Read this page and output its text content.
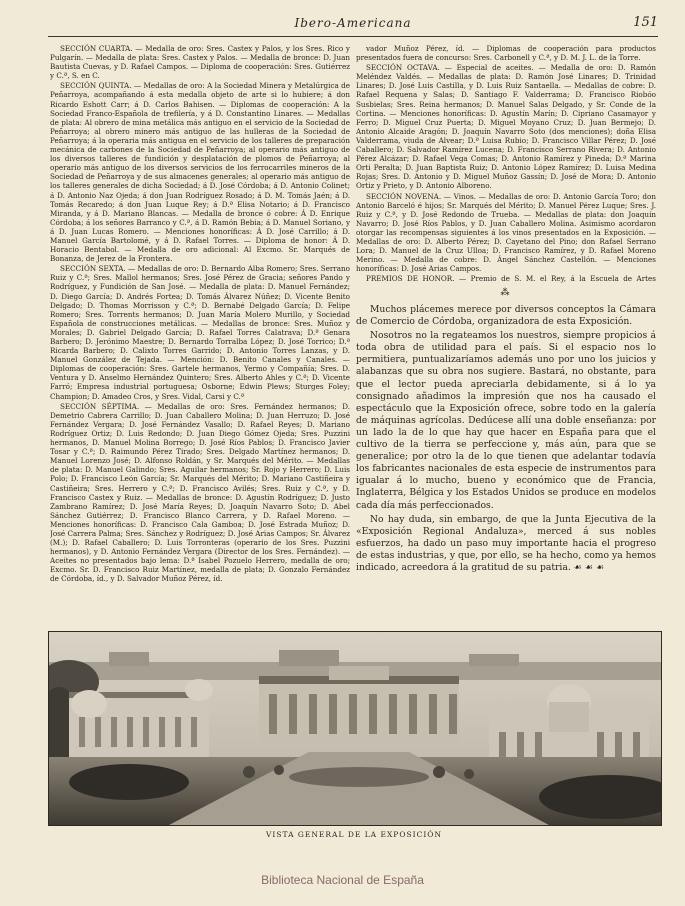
Ibero-Americana	151

SECCIÓN CUARTA. — Medalla de oro: Sres. Castex y Palos, y los Sres. Rico y Pulgarín. — Medalla de plata: Sres. Castex y Palos. — Medalla de bronce: D. Juan Bautista Cuevas, y D. Rafael Campos. — Diploma de cooperación: Sres. Gutiérrez y C.ª, S. en C.

SECCIÓN QUINTA. — Medallas de oro: A la Sociedad Minera y Metalúrgica de Peñarroya, acompañando á esta medalla objeto de arte si lo hubiere; á don Ricardo Eshott Carr; á D. Carlos Bahisen. — Diplomas de cooperación: A la Sociedad Franco-Española de trefilería, y á D. Constantino Linares. — Medallas de plata: Al obrero de mina metálica más antiguo en el servicio de la Sociedad de Peñarroya; al obrero minero más antiguo de las hulleras de la Sociedad de Peñarroya; á la operaria más antigua en el servicio de los talleres de preparación mecánica de carbones de la Sociedad de Peñarroya; al operario más antiguo de los diversos talleres de fundición y desplatación de plomos de Peñarroya; al operario más antiguo de los diversos servicios de los ferrocarriles mineros de la Sociedad de Peñarroya y de sus almacenes generales; al operario más antiguo de los talleres generales de dicha Sociedad; á D. José Córdoba; á D. Antonio Colinet; á D. Antonio Naz Ojeda; á don Juan Rodríguez Rosado; á D. M. Tomás Jaén; á D. Tomás Recaredo; á don Juan Luque Rey; á D.ª Elisa Notario; á D. Francisco Miranda, y á D. Mariano Blancas. — Medalla de bronce ó cobre: Á D. Enrique Córdoba; á los señores Barranco y C.ª, á D. Ramón Bebia; á D. Manuel Soriano, y á D. Juan Lucas Romero. — Menciones honoríficas: Á D. José Carrillo; á D. Manuel García Bartolomé, y á D. Rafael Torres. — Diploma de honor: Á D. Horacio Bentabol. — Medalla de oro adicional: Al Excmo. Sr. Marqués de Bonanza, de Jerez de la Frontera.

SECCIÓN SEXTA. — Medallas de oro: D. Bernardo Alba Romero; Sres. Serrano Ruiz y C.ª; Sres. Mallol hermanos; Sres. José Pérez de Gracia; señores Pando y Rodríguez, y Fundición de San José. — Medalla de plata: D. Manuel Fernández; D. Diego García; D. Andrés Fortea; D. Tomás Álvarez Núñez; D. Vicente Benito Delgado; D. Thomas Morrisson y C.ª; D. Bernabé Delgado García; D. Felipe Romero; Sres. Torrents hermanos; D. Juan María Molero Murillo, y Sociedad Española de construcciones metálicas. — Medallas de bronce: Sres. Muñoz y Morales; D. Gabriel Delgado García; D. Rafael Torres Calatrava; D.ª Genara Barbero; D. Jerónimo Maestre; D. Bernardo Torralba López; D. José Torrico; D.ª Ricarda Barbero; D. Calixto Torres Garrido; D. Antonio Torres Lanzas, y D. Manuel González de Tejada. — Mención: D. Benito Canales y Canales. — Diplomas de cooperación: Sres. Gartele hermanos, Yermo y Compañía; Sres. D. Ventura y D. Anselmo Hernández Quintero; Sres. Alberto Ahles y C.ª; D. Vicente Farró; Empresa industrial portuguesa; Osborne; Edwin Plews; Sturges Foley; Champion; D. Amadeo Cros, y Sres. Vidal, Carsi y C.ª

SECCIÓN SÉPTIMA. — Medallas de oro: Sres. Fernández hermanos; D. Demetrio Cabrera Carrillo; D. Juan Caballero Molina; D. Juan Herruzo; D. José Fernández Vergara; D. José Fernández Vasallo; D. Rafael Reyes; D. Mariano Rodríguez Ortiz; D. Luis Redondo; D. Juan Diego Gómez Ojeda; Sres. Puzzini hermanos, D. Manuel Molina Borrego; D. José Ríos Pablos; D. Francisco Javier Tosar y C.ª; D. Raimundo Pérez Tirado; Sres. Delgado Martínez hermanos; D. Manuel Lorenzo José; D. Alfonso Roldán, y Sr. Marqués del Mérito. — Medallas de plata: D. Manuel Galindo; Sres. Aguilar hermanos; Sr. Rojo y Herrero; D. Luis Polo; D. Francisco León García; Sr. Marqués del Mérito; D. Mariano Castiñeira y Castiñeira; Sres. Herrero y C.ª; D. Francisco Avilés; Sres. Ruiz y C.ª, y D. Francisco Castex y Ruiz. — Medallas de bronce: D. Agustín Rodríguez; D. Justo Zambrano Ramírez; D. José María Reyes; D. Joaquín Navarro Soto; D. Abel Sánchez Gutiérrez; D. Francisco Blanco Carrera, y D. Rafael Moreno. — Menciones honoríficas: D. Francisco Cala Gamboa; D. José Estrada Muñoz; D. José Carrera Palma; Sres. Sánchez y Rodríguez; D. José Arias Campos; Sr. Álvarez (M.); D. Rafael Caballero; D. Luis Torronteras (operario de los Sres. Puzzini hermanos), y D. Antonio Fernández Vergara (Director de los Sres. Fernández). — Aceites no presentados bajo lema: D.ª Isabel Pozuelo Herrero, medalla de oro; Excmo. Sr. D. Francisco Ruiz Martínez, medalla de plata; D. Gonzalo Fernández de Córdoba, íd., y D. Salvador Muñoz Pérez, íd.

vador Muñoz Pérez, íd. — Diplomas de cooperación para productos presentados fuera de concurso: Sres. Carbonell y C.ª, y D. M. J. L. de la Torre.

SECCIÓN OCTAVA. — Especial de aceites. — Medalla de oro: D. Ramón Meléndez Valdés. — Medallas de plata: D. Ramón José Linares; D. Trinidad Linares; D. José Luis Castilla, y D. Luis Ruiz Santaella. — Medallas de cobre: D. Rafael Requena y Salas; D. Santiago F. Valderrama; D. Francisco Riobóo Susbielas; Sres. Reina hermanos; D. Manuel Salas Delgado, y Sr. Conde de la Cortina. — Menciones honoríficas: D. Agustín Marín; D. Cipriano Casamayor y Ferro; D. Miguel Cruz Puerta; D. Miguel Moyano Cruz; D. Juan Bermejo; D. Antonio Alcaide Aragón; D. Joaquín Navarro Soto (dos menciones); doña Elisa Valderrama, viuda de Alvear; D.ª Luisa Rubio; D. Francisco Villar Pérez; D. José Caballero; D. Salvador Ramírez Lucena; D. Francisco Serrano Rivera; D. Antonio Pérez Alcázar; D. Rafael Vega Comas; D. Antonio Ramírez y Pineda; D.ª Marina Orti Peralta; D. Juan Baptista Ruiz; D. Antonio López Ramírez; D. Luisa Medina Rojas; Sres. D. Antonio y D. Miguel Muñoz Gassín; D. José de Mora; D. Antonio Ortiz y Prieto, y D. Antonio Alboreno.

SECCIÓN NOVENA. — Vinos. — Medallas de oro: D. Antonio García Toro; don Antonio Barceló é hijos; Sr. Marqués del Mérito; D. Manuel Pérez Luque; Sres. J. Ruiz y C.ª, y D. José Redondo de Trueba. — Medallas de plata: don Joaquín Navarro; D. José Ríos Pablos, y D. Juan Caballero Molina. Asimismo acordaron otorgar las recompensas siguientes á los vinos presentados en la Exposición. — Medallas de oro: D. Alberto Pérez; D. Cayetano del Pino; don Rafael Serrano Lora; D. Manuel de la Cruz Ulloa; D. Francisco Ramírez, y D. Rafael Moreno Merino. — Medalla de cobre: D. Ángel Sánchez Castellón. — Menciones honoríficas: D. José Arias Campos.

PREMIOS DE HONOR. — Premio de S. M. el Rey, á la Escuela de Artes

⁂

Muchos plácemes merece por diversos conceptos la Cámara de Comercio de Córdoba, organizadora de esta Exposición.

Nosotros no la regateamos los nuestros, siempre propicios á toda obra de utilidad para el país. Si el espacio nos lo permitiera, puntualizaríamos además uno por uno los juicios y alabanzas que su obra nos sugiere. Bastará, no obstante, para que el lector pueda apreciarla debidamente, si á lo ya consignado añadimos la impresión que nos ha causado el espectáculo que la Exposición ofrece, sobre todo en la galería de máquinas agrícolas. Dedúcese allí una doble enseñanza: por un lado la de lo que hay que hacer en España para que el cultivo de la tierra se perfeccione y, más aún, para que se generalice; por otro la de lo que tienen que adelantar todavía los fabricantes nacionales de esta especie de instrumentos para igualar á lo mucho, bueno y económico que de Francia, Inglaterra, Bélgica y los Estados Unidos se produce en modelos cada día más perfeccionados.

No hay duda, sin embargo, de que la Junta Ejecutiva de la «Exposición Regional Andaluza», merced á sus nobles esfuerzos, ha dado un paso muy importante hacia el progreso de estas industrias, y que, por ello, se ha hecho, como ya hemos indicado, acreedora á la gratitud de su patria. ☙ ☙ ☙

VISTA GENERAL DE LA EXPOSICIÓN
Biblioteca Nacional de España
